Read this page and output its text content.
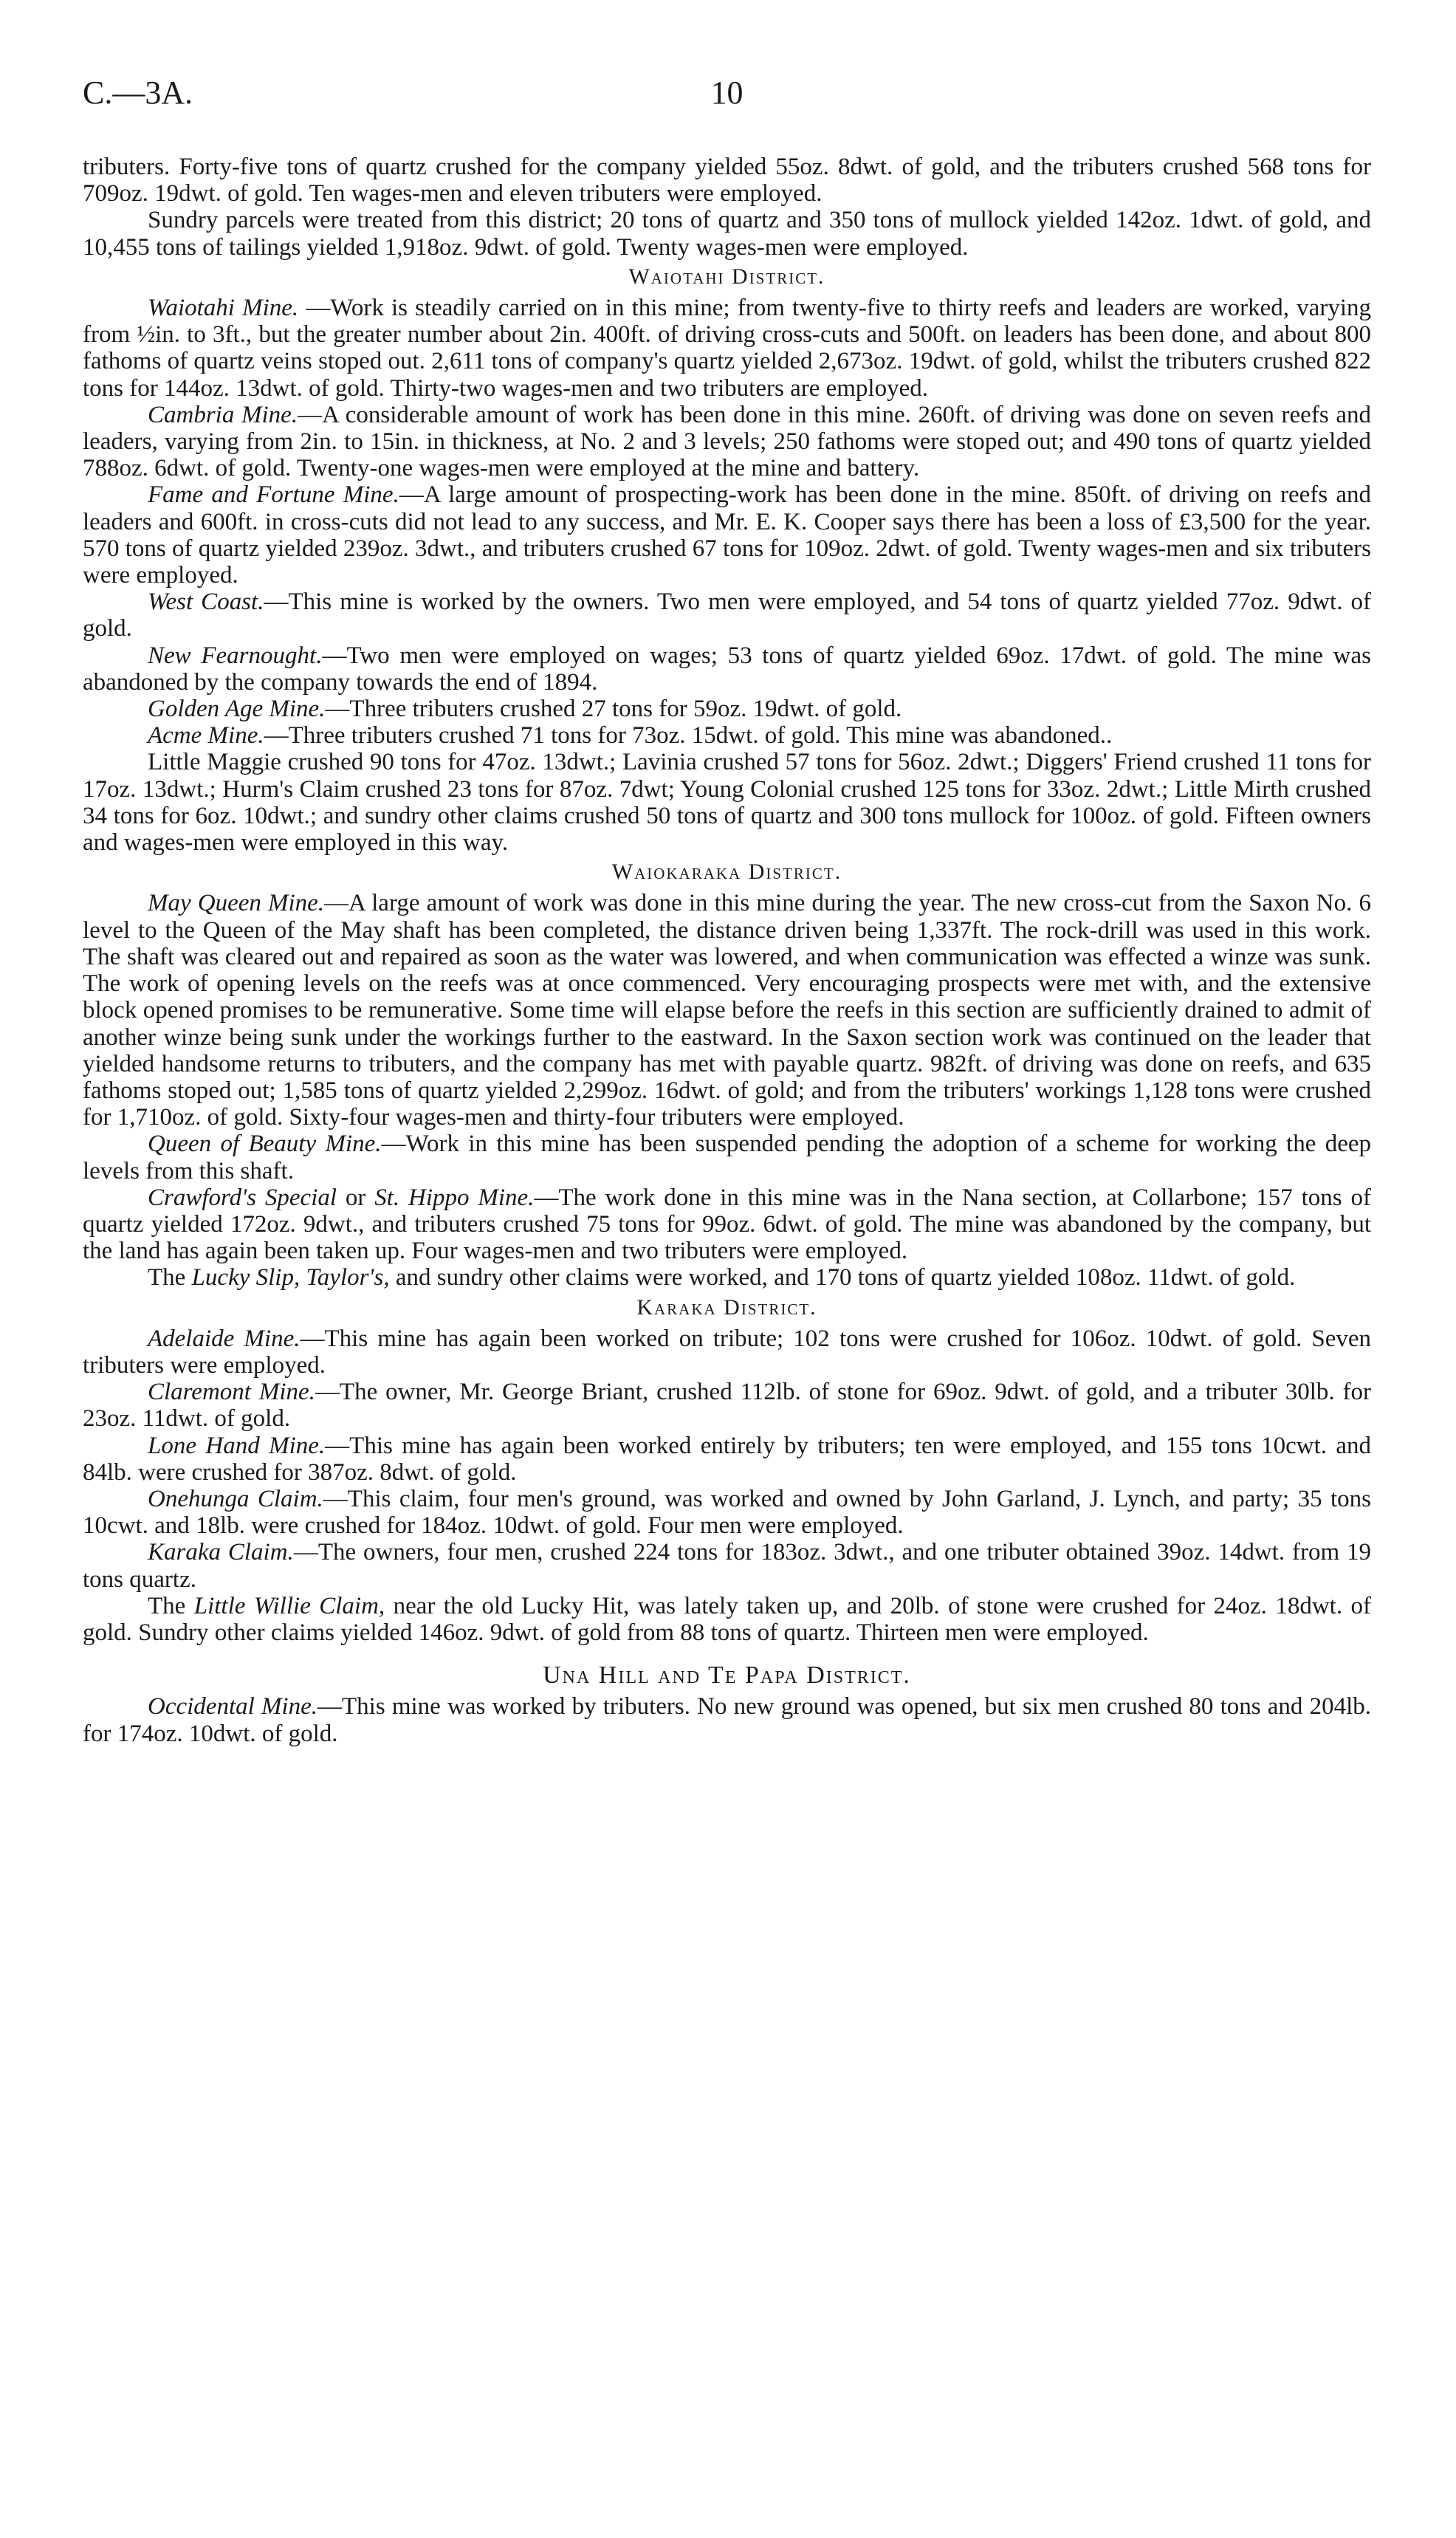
C.—3A.	10

tributers. Forty-five tons of quartz crushed for the company yielded 55oz. 8dwt. of gold, and the tributers crushed 568 tons for 709oz. 19dwt. of gold. Ten wages-men and eleven tributers were employed.

Sundry parcels were treated from this district; 20 tons of quartz and 350 tons of mullock yielded 142oz. 1dwt. of gold, and 10,455 tons of tailings yielded 1,918oz. 9dwt. of gold. Twenty wages-men were employed.

Waiotahi District.

Waiotahi Mine. —Work is steadily carried on in this mine; from twenty-five to thirty reefs and leaders are worked, varying from ½in. to 3ft., but the greater number about 2in. 400ft. of driving cross-cuts and 500ft. on leaders has been done, and about 800 fathoms of quartz veins stoped out. 2,611 tons of company's quartz yielded 2,673oz. 19dwt. of gold, whilst the tributers crushed 822 tons for 144oz. 13dwt. of gold. Thirty-two wages-men and two tributers are employed.

Cambria Mine.—A considerable amount of work has been done in this mine. 260ft. of driving was done on seven reefs and leaders, varying from 2in. to 15in. in thickness, at No. 2 and 3 levels; 250 fathoms were stoped out; and 490 tons of quartz yielded 788oz. 6dwt. of gold. Twenty-one wages-men were employed at the mine and battery.

Fame and Fortune Mine.—A large amount of prospecting-work has been done in the mine. 850ft. of driving on reefs and leaders and 600ft. in cross-cuts did not lead to any success, and Mr. E. K. Cooper says there has been a loss of £3,500 for the year. 570 tons of quartz yielded 239oz. 3dwt., and tributers crushed 67 tons for 109oz. 2dwt. of gold. Twenty wages-men and six tributers were employed.

West Coast.—This mine is worked by the owners. Two men were employed, and 54 tons of quartz yielded 77oz. 9dwt. of gold.

New Fearnought.—Two men were employed on wages; 53 tons of quartz yielded 69oz. 17dwt. of gold. The mine was abandoned by the company towards the end of 1894.

Golden Age Mine.—Three tributers crushed 27 tons for 59oz. 19dwt. of gold.

Acme Mine.—Three tributers crushed 71 tons for 73oz. 15dwt. of gold. This mine was abandoned..

Little Maggie crushed 90 tons for 47oz. 13dwt.; Lavinia crushed 57 tons for 56oz. 2dwt.; Diggers' Friend crushed 11 tons for 17oz. 13dwt.; Hurm's Claim crushed 23 tons for 87oz. 7dwt; Young Colonial crushed 125 tons for 33oz. 2dwt.; Little Mirth crushed 34 tons for 6oz. 10dwt.; and sundry other claims crushed 50 tons of quartz and 300 tons mullock for 100oz. of gold. Fifteen owners and wages-men were employed in this way.

Waiokaraka District.

May Queen Mine.—A large amount of work was done in this mine during the year. The new cross-cut from the Saxon No. 6 level to the Queen of the May shaft has been completed, the distance driven being 1,337ft. The rock-drill was used in this work. The shaft was cleared out and repaired as soon as the water was lowered, and when communication was effected a winze was sunk. The work of opening levels on the reefs was at once commenced. Very encouraging prospects were met with, and the extensive block opened promises to be remunerative. Some time will elapse before the reefs in this section are sufficiently drained to admit of another winze being sunk under the workings further to the eastward. In the Saxon section work was continued on the leader that yielded handsome returns to tributers, and the company has met with payable quartz. 982ft. of driving was done on reefs, and 635 fathoms stoped out; 1,585 tons of quartz yielded 2,299oz. 16dwt. of gold; and from the tributers' workings 1,128 tons were crushed for 1,710oz. of gold. Sixty-four wages-men and thirty-four tributers were employed.

Queen of Beauty Mine.—Work in this mine has been suspended pending the adoption of a scheme for working the deep levels from this shaft.

Crawford's Special or St. Hippo Mine.—The work done in this mine was in the Nana section, at Collarbone; 157 tons of quartz yielded 172oz. 9dwt., and tributers crushed 75 tons for 99oz. 6dwt. of gold. The mine was abandoned by the company, but the land has again been taken up. Four wages-men and two tributers were employed.

The Lucky Slip, Taylor's, and sundry other claims were worked, and 170 tons of quartz yielded 108oz. 11dwt. of gold.

Karaka District.

Adelaide Mine.—This mine has again been worked on tribute; 102 tons were crushed for 106oz. 10dwt. of gold. Seven tributers were employed.

Claremont Mine.—The owner, Mr. George Briant, crushed 112lb. of stone for 69oz. 9dwt. of gold, and a tributer 30lb. for 23oz. 11dwt. of gold.

Lone Hand Mine.—This mine has again been worked entirely by tributers; ten were employed, and 155 tons 10cwt. and 84lb. were crushed for 387oz. 8dwt. of gold.

Onehunga Claim.—This claim, four men's ground, was worked and owned by John Garland, J. Lynch, and party; 35 tons 10cwt. and 18lb. were crushed for 184oz. 10dwt. of gold. Four men were employed.

Karaka Claim.—The owners, four men, crushed 224 tons for 183oz. 3dwt., and one tributer obtained 39oz. 14dwt. from 19 tons quartz.

The Little Willie Claim, near the old Lucky Hit, was lately taken up, and 20lb. of stone were crushed for 24oz. 18dwt. of gold. Sundry other claims yielded 146oz. 9dwt. of gold from 88 tons of quartz. Thirteen men were employed.

Una Hill and Te Papa District.

Occidental Mine.—This mine was worked by tributers. No new ground was opened, but six men crushed 80 tons and 204lb. for 174oz. 10dwt. of gold.
